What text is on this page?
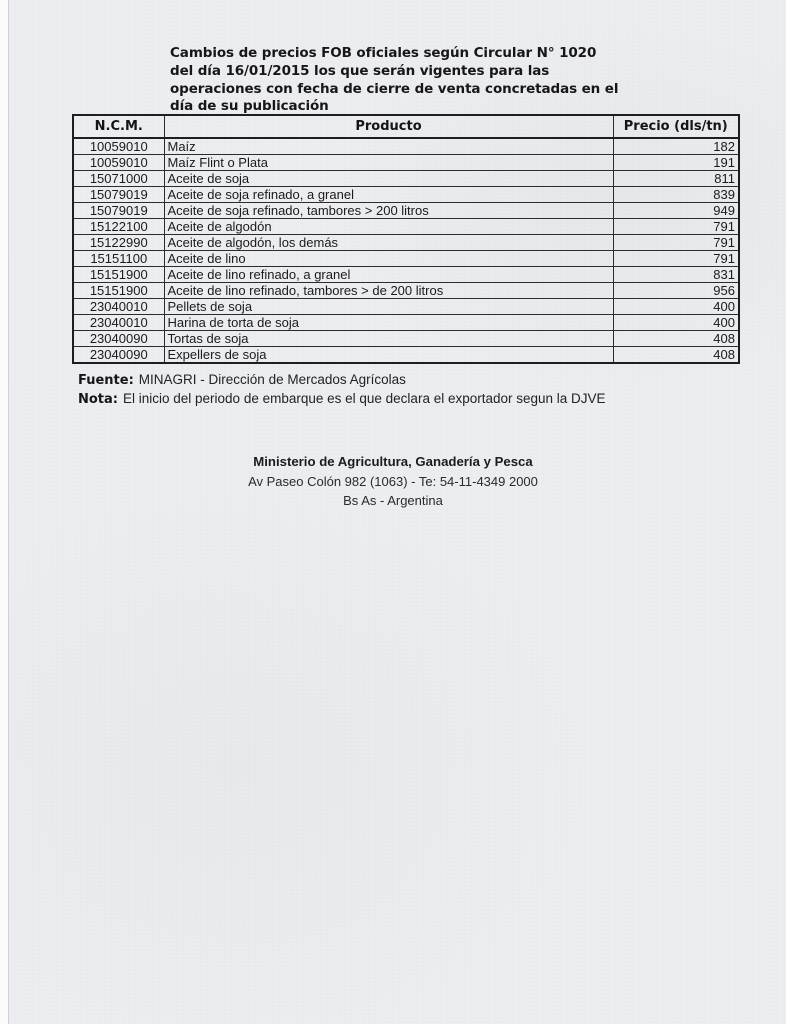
Cambios de precios FOB oficiales según Circular N° 1020
del día 16/01/2015 los que serán vigentes para las
operaciones con fecha de cierre de venta concretadas en el
día de su publicación
N.C.M.	Producto	Precio (dls/tn)
10059010	Maíz	182
10059010	Maíz Flint o Plata	191
15071000	Aceite de soja	811
15079019	Aceite de soja refinado, a granel	839
15079019	Aceite de soja refinado, tambores > 200 litros	949
15122100	Aceite de algodón	791
15122990	Aceite de algodón, los demás	791
15151100	Aceite de lino	791
15151900	Aceite de lino refinado, a granel	831
15151900	Aceite de lino refinado, tambores > de 200 litros	956
23040010	Pellets de soja	400
23040010	Harina de torta de soja	400
23040090	Tortas de soja	408
23040090	Expellers de soja	408
Fuente: MINAGRI - Dirección de Mercados Agrícolas
Nota: El inicio del periodo de embarque es el que declara el exportador segun la DJVE
Ministerio de Agricultura, Ganadería y Pesca
Av Paseo Colón 982 (1063) - Te: 54-11-4349 2000
Bs As - Argentina
